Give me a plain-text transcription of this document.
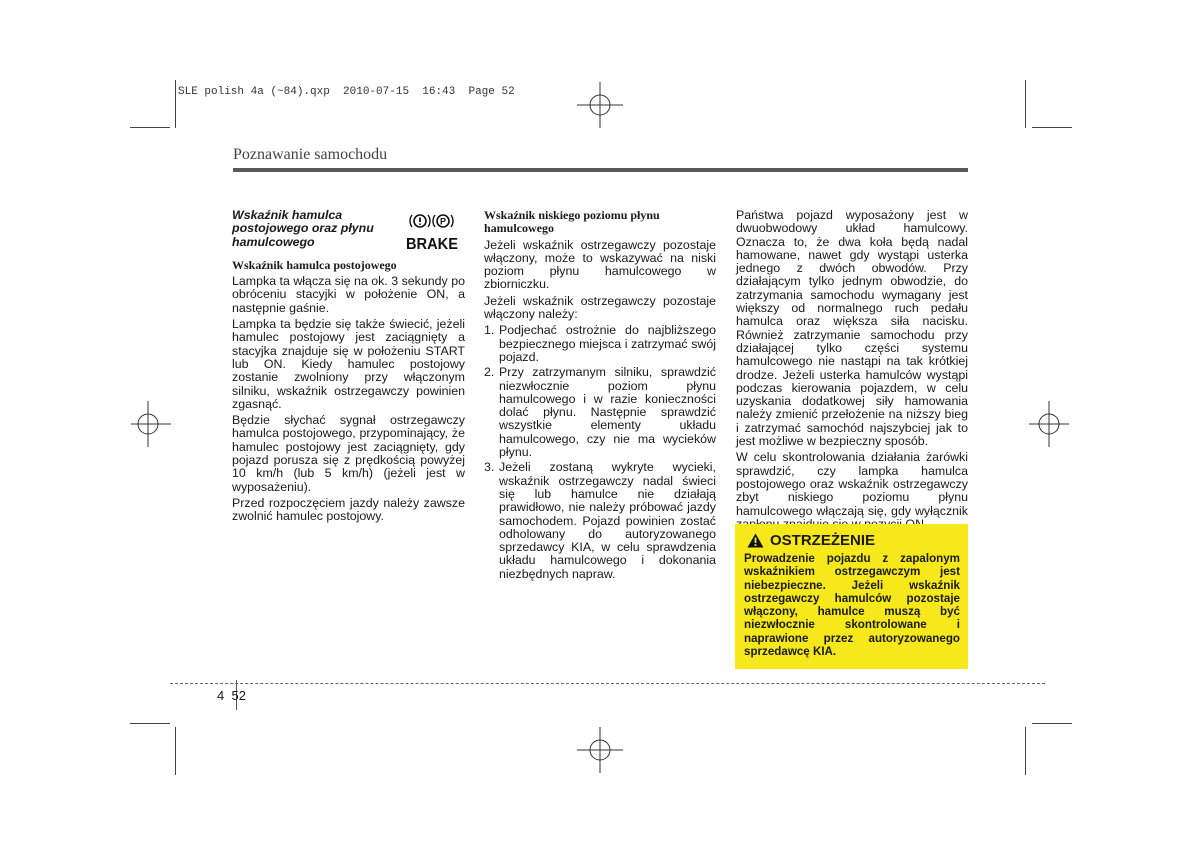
SLE polish 4a (~84).qxp 2010-07-15 16:43 Page 52
Poznawanie samochodu

Wskaźnik hamulca postojowego oraz płynu hamulcowego

Wskaźnik hamulca postojowego

Lampka ta włącza się na ok. 3 sekundy po obróceniu stacyjki w położenie ON, a następnie gaśnie.

Lampka ta będzie się także świecić, jeżeli hamulec postojowy jest zaciągnięty a stacyjka znajduje się w położeniu START lub ON. Kiedy hamulec postojowy zostanie zwolniony przy włączonym silniku, wskaźnik ostrzegawczy powinien zgasnąć.

Będzie słychać sygnał ostrzegawczy hamulca postojowego, przypominający, że hamulec postojowy jest zaciągnięty, gdy pojazd porusza się z prędkością powyżej 10 km/h (lub 5 km/h) (jeżeli jest w wyposażeniu).

Przed rozpoczęciem jazdy należy zawsze zwolnić hamulec postojowy.

P
BRAKE

Wskaźnik niskiego poziomu płynu hamulcowego

Jeżeli wskaźnik ostrzegawczy pozostaje włączony, może to wskazywać na niski poziom płynu hamulcowego w zbiorniczku.

Jeżeli wskaźnik ostrzegawczy pozostaje włączony należy:

1. Podjechać ostrożnie do najbliższego bezpiecznego miejsca i zatrzymać swój pojazd.
2. Przy zatrzymanym silniku, sprawdzić niezwłocznie poziom płynu hamulcowego i w razie konieczności dolać płynu. Następnie sprawdzić wszystkie elementy układu hamulcowego, czy nie ma wycieków płynu.
3. Jeżeli zostaną wykryte wycieki, wskaźnik ostrzegawczy nadal świeci się lub hamulce nie działają prawidłowo, nie należy próbować jazdy samochodem. Pojazd powinien zostać odholowany do autoryzowanego sprzedawcy KIA, w celu sprawdzenia układu hamulcowego i dokonania niezbędnych napraw.

Państwa pojazd wyposażony jest w dwuobwodowy układ hamulcowy. Oznacza to, że dwa koła będą nadal hamowane, nawet gdy wystąpi usterka jednego z dwóch obwodów. Przy działającym tylko jednym obwodzie, do zatrzymania samochodu wymagany jest większy od normalnego ruch pedału hamulca oraz większa siła nacisku. Również zatrzymanie samochodu przy działającej tylko części systemu hamulcowego nie nastąpi na tak krótkiej drodze. Jeżeli usterka hamulców wystąpi podczas kierowania pojazdem, w celu uzyskania dodatkowej siły hamowania należy zmienić przełożenie na niższy bieg i zatrzymać samochód najszybciej jak to jest możliwe w bezpieczny sposób.

W celu skontrolowania działania żarówki sprawdzić, czy lampka hamulca postojowego oraz wskaźnik ostrzegawczy zbyt niskiego poziomu płynu hamulcowego włączają się, gdy wyłącznik

OSTRZEŻENIE
Prowadzenie pojazdu z zapalonym wskaźnikiem ostrzegawczym jest niebezpieczne. Jeżeli wskaźnik ostrzegawczy hamulców pozostaje włączony, hamulce muszą być niezwłocznie skontrolowane i naprawione przez autoryzowanego sprzedawcę KIA.
4 52
